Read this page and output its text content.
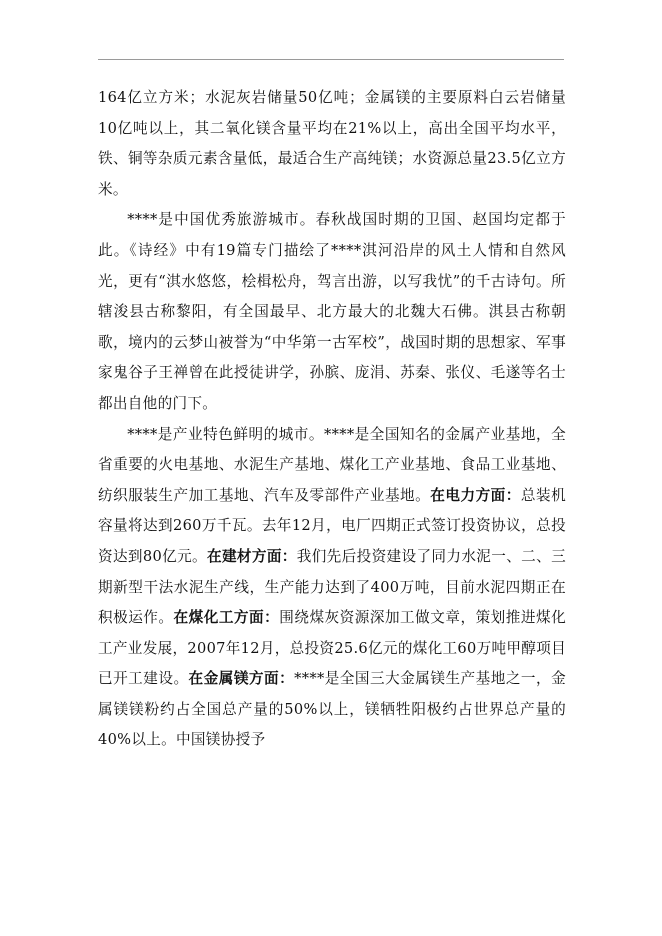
164亿立方米；水泥灰岩储量50亿吨；金属镁的主要原料白云岩储量10亿吨以上，其二氧化镁含量平均在21%以上，高出全国平均水平，铁、铜等杂质元素含量低，最适合生产高纯镁；水资源总量23.5亿立方米。

****是中国优秀旅游城市。春秋战国时期的卫国、赵国均定都于此。《诗经》中有19篇专门描绘了****淇河沿岸的风土人情和自然风光，更有“淇水悠悠，桧楫松舟，驾言出游，以写我忧”的千古诗句。所辖浚县古称黎阳，有全国最早、北方最大的北魏大石佛。淇县古称朝歌，境内的云梦山被誉为“中华第一古军校”，战国时期的思想家、军事家鬼谷子王禅曾在此授徒讲学，孙膑、庞涓、苏秦、张仪、毛遂等名士都出自他的门下。

****是产业特色鲜明的城市。****是全国知名的金属产业基地，全省重要的火电基地、水泥生产基地、煤化工产业基地、食品工业基地、纺织服装生产加工基地、汽车及零部件产业基地。在电力方面：总装机容量将达到260万千瓦。去年12月，电厂四期正式签订投资协议，总投资达到80亿元。在建材方面：我们先后投资建设了同力水泥一、二、三期新型干法水泥生产线，生产能力达到了400万吨，目前水泥四期正在积极运作。在煤化工方面：围绕煤灰资源深加工做文章，策划推进煤化工产业发展，2007年12月，总投资25.6亿元的煤化工60万吨甲醇项目已开工建设。在金属镁方面：****是全国三大金属镁生产基地之一，金属镁镁粉约占全国总产量的50%以上，镁牺牲阳极约占世界总产量的40%以上。中国镁协授予
